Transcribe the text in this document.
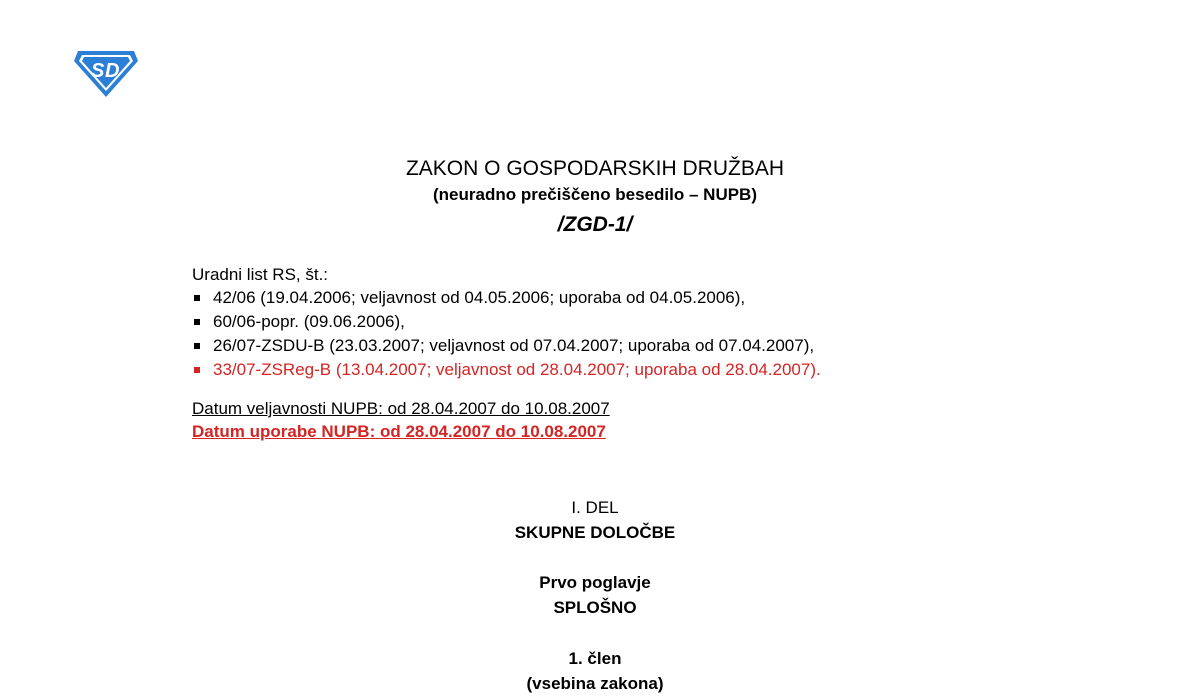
S D
ZAKON O GOSPODARSKIH DRUŽBAH
(neuradno prečiščeno besedilo – NUPB)
/ZGD-1/
Uradni list RS, št.:
42/06 (19.04.2006; veljavnost od 04.05.2006; uporaba od 04.05.2006),
60/06-popr. (09.06.2006),
26/07-ZSDU-B (23.03.2007; veljavnost od 07.04.2007; uporaba od 07.04.2007),
33/07-ZSReg-B (13.04.2007; veljavnost od 28.04.2007; uporaba od 28.04.2007).
Datum veljavnosti NUPB: od 28.04.2007 do 10.08.2007
Datum uporabe NUPB: od 28.04.2007 do 10.08.2007
I. DEL
SKUPNE DOLOČBE
Prvo poglavje
SPLOŠNO
1. člen
(vsebina zakona)
